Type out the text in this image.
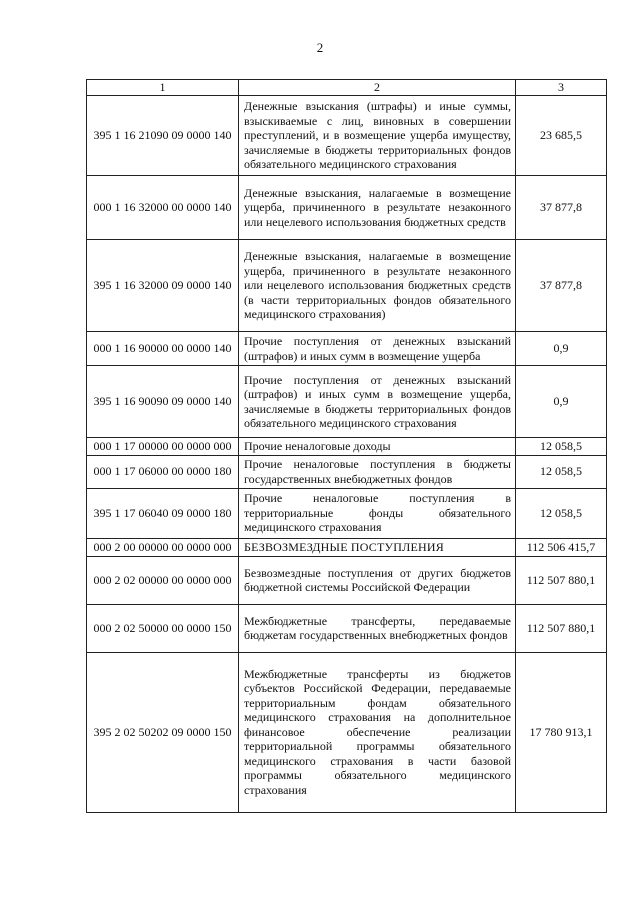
2
1	2	3
395 1 16 21090 09 0000 140	Денежные взыскания (штрафы) и иные суммы, взыскиваемые с лиц, виновных в совершении преступлений, и в возмещение ущерба имуществу, зачисляемые в бюджеты территориальных фондов обязательного медицинского страхования	23 685,5
000 1 16 32000 00 0000 140	Денежные взыскания, налагаемые в возмещение ущерба, причиненного в результате незаконного или нецелевого использования бюджетных средств	37 877,8
395 1 16 32000 09 0000 140	Денежные взыскания, налагаемые в возмещение ущерба, причиненного в результате незаконного или нецелевого использования бюджетных средств (в части территориальных фондов обязательного медицинского страхования)	37 877,8
000 1 16 90000 00 0000 140	Прочие поступления от денежных взысканий (штрафов) и иных сумм в возмещение ущерба	0,9
395 1 16 90090 09 0000 140	Прочие поступления от денежных взысканий (штрафов) и иных сумм в возмещение ущерба, зачисляемые в бюджеты территориальных фондов обязательного медицинского страхования	0,9
000 1 17 00000 00 0000 000	Прочие неналоговые доходы	12 058,5
000 1 17 06000 00 0000 180	Прочие неналоговые поступления в бюджеты государственных внебюджетных фондов	12 058,5
395 1 17 06040 09 0000 180	Прочие неналоговые поступления в территориальные фонды обязательного медицинского страхования	12 058,5
000 2 00 00000 00 0000 000	БЕЗВОЗМЕЗДНЫЕ ПОСТУПЛЕНИЯ	112 506 415,7
000 2 02 00000 00 0000 000	Безвозмездные поступления от других бюджетов бюджетной системы Российской Федерации	112 507 880,1
000 2 02 50000 00 0000 150	Межбюджетные трансферты, передаваемые бюджетам государственных внебюджетных фондов	112 507 880,1
395 2 02 50202 09 0000 150	Межбюджетные трансферты из бюджетов субъектов Российской Федерации, передаваемые территориальным фондам обязательного медицинского страхования на дополнительное финансовое обеспечение реализации территориальной программы обязательного медицинского страхования в части базовой программы обязательного медицинского страхования	17 780 913,1
